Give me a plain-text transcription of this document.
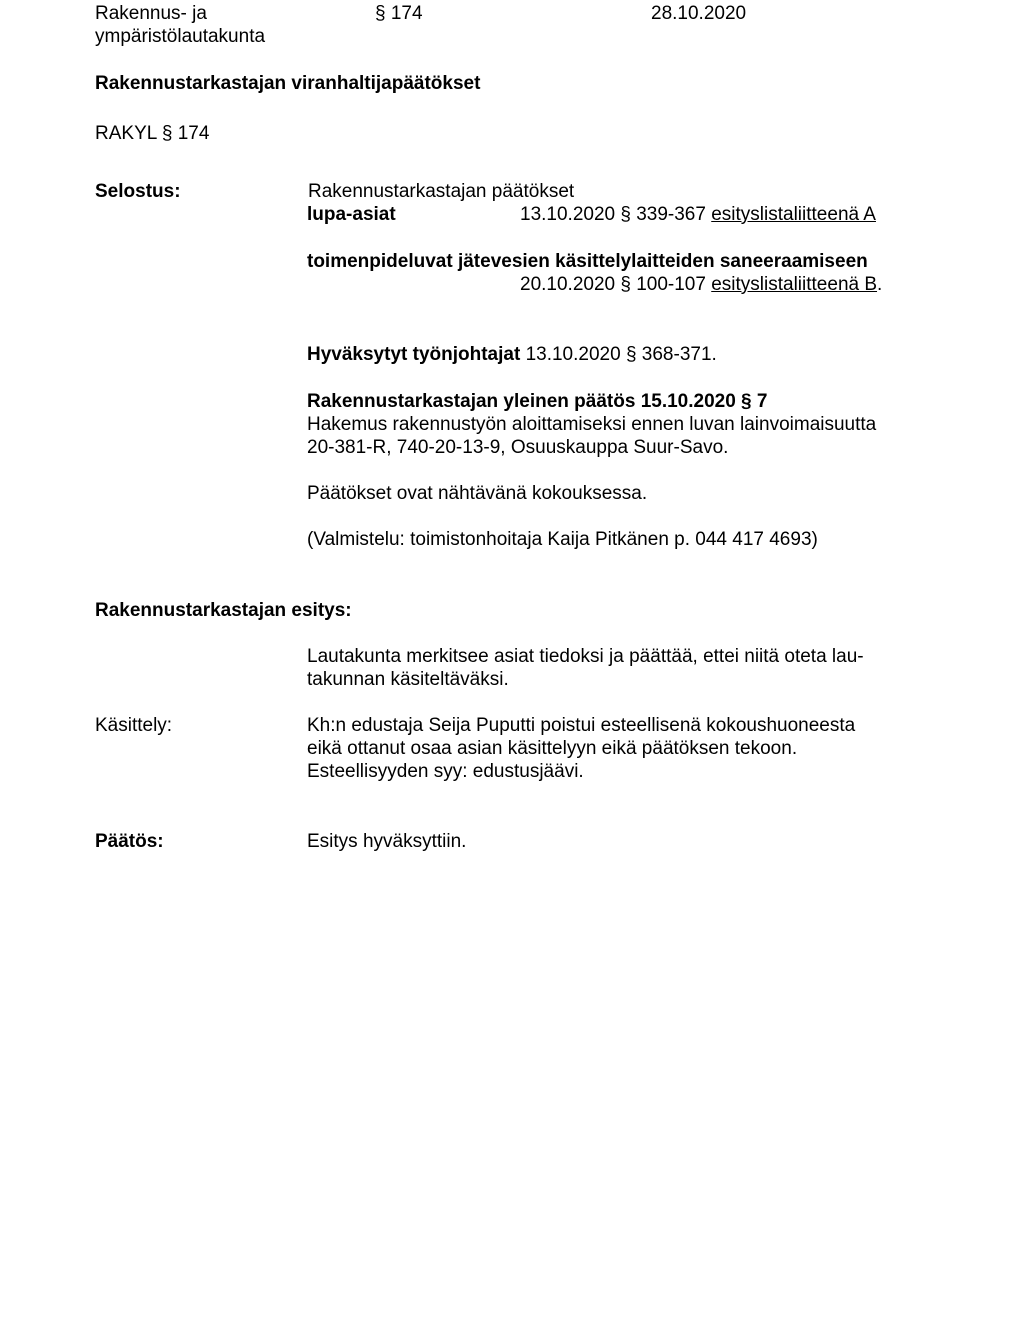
Rakennus- ja
ympäristölautakunta
§ 174	28.10.2020
Rakennustarkastajan viranhaltijapäätökset
RAKYL § 174
Selostus:	Rakennustarkastajan päätökset
lupa-asiat	13.10.2020 § 339-367 esityslistaliitteenä A
toimenpideluvat jätevesien käsittelylaitteiden saneeraamiseen
20.10.2020 § 100-107 esityslistaliitteenä B.
Hyväksytyt työnjohtajat 13.10.2020 § 368-371.
Rakennustarkastajan yleinen päätös 15.10.2020 § 7
Hakemus rakennustyön aloittamiseksi ennen luvan lainvoimaisuutta
20-381-R, 740-20-13-9, Osuuskauppa Suur-Savo.
Päätökset ovat nähtävänä kokouksessa.
(Valmistelu: toimistonhoitaja Kaija Pitkänen p. 044 417 4693)
Rakennustarkastajan esitys:
Lautakunta merkitsee asiat tiedoksi ja päättää, ettei niitä oteta lau-
takunnan käsiteltäväksi.
Käsittely:	Kh:n edustaja Seija Puputti poistui esteellisenä kokoushuoneesta
eikä ottanut osaa asian käsittelyyn eikä päätöksen tekoon.
Esteellisyyden syy: edustusjäävi.
Päätös:	Esitys hyväksyttiin.
